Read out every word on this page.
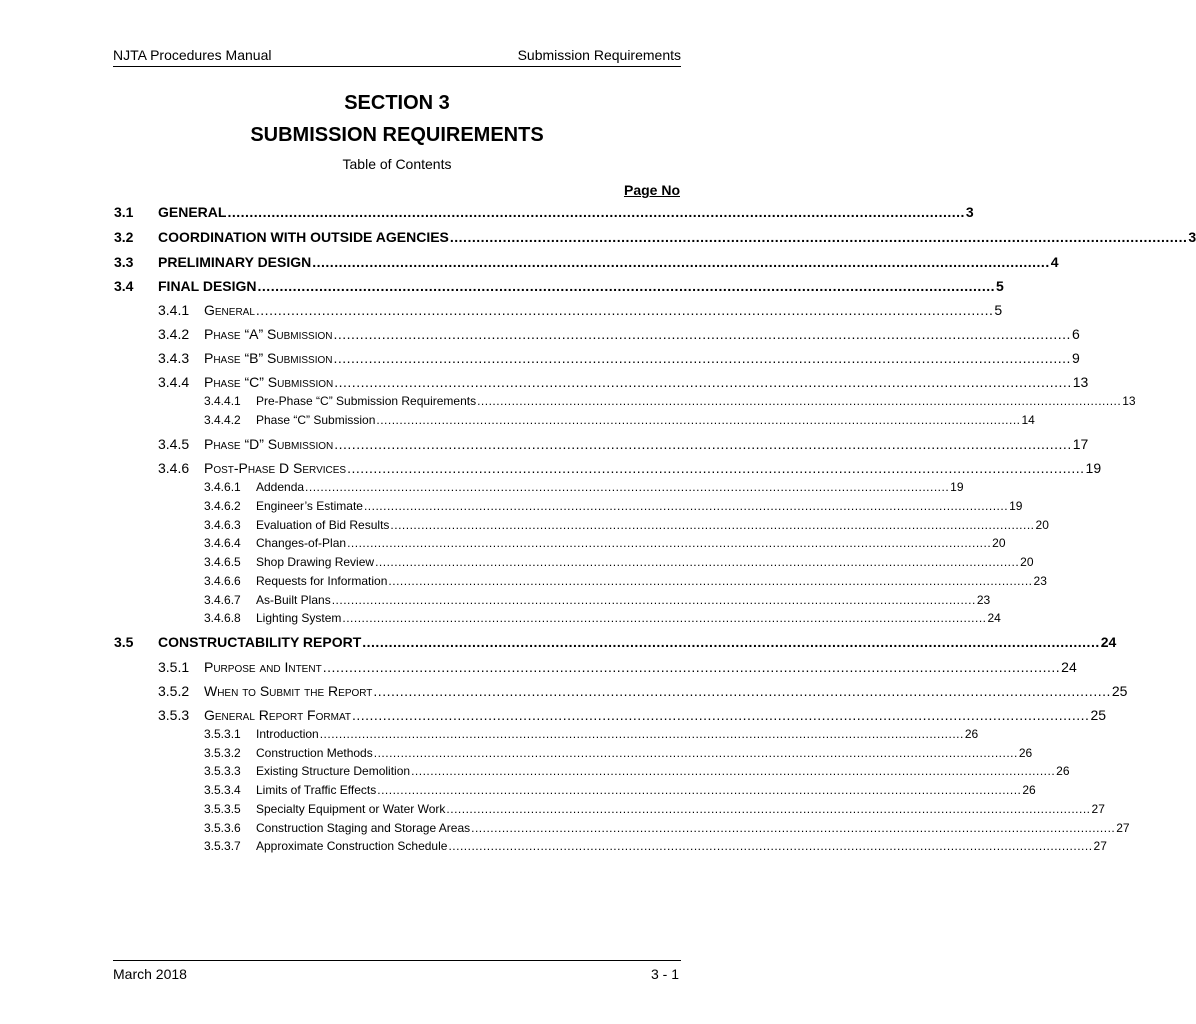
NJTA Procedures Manual	Submission Requirements
SECTION 3
SUBMISSION REQUIREMENTS
Table of Contents
Page No
3.1 GENERAL ........................................................................................................................................................................ 3
3.2 COORDINATION WITH OUTSIDE AGENCIES ........................................................................................................................................................................ 3
3.3 PRELIMINARY DESIGN ........................................................................................................................................................................ 4
3.4 FINAL DESIGN ........................................................................................................................................................................ 5
3.4.1 General ........................................................................................................................................................................ 5
3.4.2 Phase “A” Submission ........................................................................................................................................................................ 6
3.4.3 Phase “B” Submission ........................................................................................................................................................................ 9
3.4.4 Phase “C” Submission ........................................................................................................................................................................ 13
3.4.4.1 Pre-Phase “C” Submission Requirements ........................................................................................................................................................................ 13
3.4.4.2 Phase “C” Submission ........................................................................................................................................................................ 14
3.4.5 Phase “D” Submission ........................................................................................................................................................................ 17
3.4.6 Post-Phase D Services ........................................................................................................................................................................ 19
3.4.6.1 Addenda ........................................................................................................................................................................ 19
3.4.6.2 Engineer’s Estimate ........................................................................................................................................................................ 19
3.4.6.3 Evaluation of Bid Results ........................................................................................................................................................................ 20
3.4.6.4 Changes-of-Plan ........................................................................................................................................................................ 20
3.4.6.5 Shop Drawing Review ........................................................................................................................................................................ 20
3.4.6.6 Requests for Information ........................................................................................................................................................................ 23
3.4.6.7 As-Built Plans ........................................................................................................................................................................ 23
3.4.6.8 Lighting System ........................................................................................................................................................................ 24
3.5 CONSTRUCTABILITY REPORT ........................................................................................................................................................................ 24
3.5.1 Purpose and Intent ........................................................................................................................................................................ 24
3.5.2 When to Submit the Report ........................................................................................................................................................................ 25
3.5.3 General Report Format ........................................................................................................................................................................ 25
3.5.3.1 Introduction ........................................................................................................................................................................ 26
3.5.3.2 Construction Methods ........................................................................................................................................................................ 26
3.5.3.3 Existing Structure Demolition ........................................................................................................................................................................ 26
3.5.3.4 Limits of Traffic Effects ........................................................................................................................................................................ 26
3.5.3.5 Specialty Equipment or Water Work ........................................................................................................................................................................ 27
3.5.3.6 Construction Staging and Storage Areas ........................................................................................................................................................................ 27
3.5.3.7 Approximate Construction Schedule ........................................................................................................................................................................ 27
March 2018	3 - 1
